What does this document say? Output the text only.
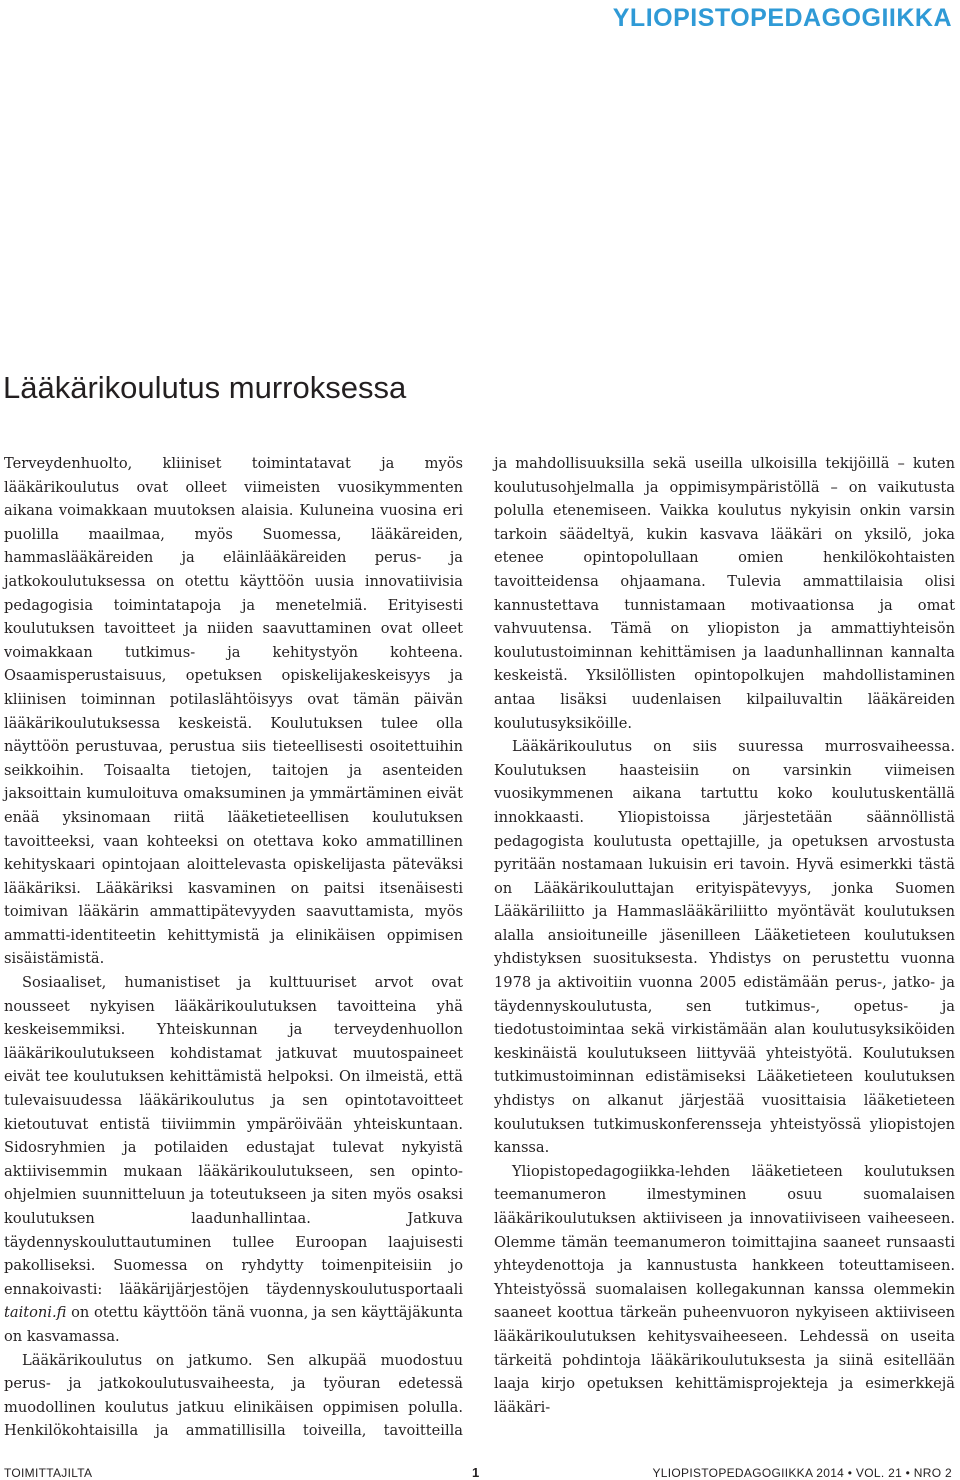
YLIOPISTOPEDAGOGIIKKA
Lääkärikoulutus murroksessa

Terveydenhuolto, kliiniset toimintatavat ja myös lääkärikoulutus ovat olleet viimeisten vuosikymmenten aikana voimakkaan muutoksen alaisia. Kuluneina vuosina eri puolilla maailmaa, myös Suomessa, lääkäreiden, hammaslääkäreiden ja eläinlääkäreiden perus- ja jatkokoulutuksessa on otettu käyttöön uusia innovatiivisia pedagogisia toimintatapoja ja menetelmiä. Erityisesti koulutuksen tavoitteet ja niiden saavuttaminen ovat olleet voimakkaan tutkimus- ja kehitystyön kohteena. Osaamisperustaisuus, opetuksen opiskelijakeskeisyys ja kliinisen toiminnan potilaslähtöisyys ovat tämän päivän lääkärikoulutuksessa keskeistä. Koulutuksen tulee olla näyttöön perustuvaa, perustua siis tieteellisesti osoitettuihin seikkoihin. Toisaalta tietojen, taitojen ja asenteiden jaksoittain kumuloituva omaksuminen ja ymmärtäminen eivät enää yksinomaan riitä lääketieteellisen koulutuksen tavoitteeksi, vaan kohteeksi on otettava koko ammatillinen kehityskaari opintojaan aloittelevasta opiskelijasta päteväksi lääkäriksi. Lääkäriksi kasvaminen on paitsi itsenäisesti toimivan lääkärin ammattipätevyyden saavuttamista, myös ammatti-identiteetin kehittymistä ja elinikäisen oppimisen sisäistämistä.

Sosiaaliset, humanistiset ja kulttuuriset arvot ovat nousseet nykyisen lääkärikoulutuksen tavoitteina yhä keskeisemmiksi. Yhteiskunnan ja terveydenhuollon lääkärikoulutukseen kohdistamat jatkuvat muutospaineet eivät tee koulutuksen kehittämistä helpoksi. On ilmeistä, että tulevaisuudessa lääkärikoulutus ja sen opintotavoitteet kietoutuvat entistä tiiviimmin ympäröivään yhteiskuntaan. Sidosryhmien ja potilaiden edustajat tulevat nykyistä aktiivisemmin mukaan lääkärikoulutukseen, sen opinto-ohjelmien suunnitteluun ja toteutukseen ja siten myös osaksi koulutuksen laadunhallintaa. Jatkuva täydennyskouluttautuminen tullee Euroopan laajuisesti pakolliseksi. Suomessa on ryhdytty toimenpiteisiin jo ennakoivasti: lääkärijärjestöjen täydennyskoulutusportaali taitoni.fi on otettu käyttöön tänä vuonna, ja sen käyttäjäkunta on kasvamassa.

Lääkärikoulutus on jatkumo. Sen alkupää muodostuu perus- ja jatkokoulutusvaiheesta, ja työuran edetessä muodollinen koulutus jatkuu elinikäisen oppimisen polulla. Henkilökohtaisilla ja ammatillisilla toiveilla, tavoitteilla

ja mahdollisuuksilla sekä useilla ulkoisilla tekijöillä – kuten koulutusohjelmalla ja oppimisympäristöllä – on vaikutusta polulla etenemiseen. Vaikka koulutus nykyisin onkin varsin tarkoin säädeltyä, kukin kasvava lääkäri on yksilö, joka etenee opintopolullaan omien henkilökohtaisten tavoitteidensa ohjaamana. Tulevia ammattilaisia olisi kannustettava tunnistamaan motivaationsa ja omat vahvuutensa. Tämä on yliopiston ja ammattiyhteisön koulutustoiminnan kehittämisen ja laadunhallinnan kannalta keskeistä. Yksilöllisten opintopolkujen mahdollistaminen antaa lisäksi uudenlaisen kilpailuvaltin lääkäreiden koulutusyksiköille.

Lääkärikoulutus on siis suuressa murrosvaiheessa. Koulutuksen haasteisiin on varsinkin viimeisen vuosikymmenen aikana tartuttu koko koulutuskentällä innokkaasti. Yliopistoissa järjestetään säännöllistä pedagogista koulutusta opettajille, ja opetuksen arvostusta pyritään nostamaan lukuisin eri tavoin. Hyvä esimerkki tästä on Lääkärikouluttajan erityispätevyys, jonka Suomen Lääkäriliitto ja Hammaslääkäriliitto myöntävät koulutuksen alalla ansioituneille jäsenilleen Lääketieteen koulutuksen yhdistyksen suosituksesta. Yhdistys on perustettu vuonna 1978 ja aktivoitiin vuonna 2005 edistämään perus-, jatko- ja täydennyskoulutusta, sen tutkimus-, opetus- ja tiedotustoimintaa sekä virkistämään alan koulutusyksiköiden keskinäistä koulutukseen liittyvää yhteistyötä. Koulutuksen tutkimustoiminnan edistämiseksi Lääketieteen koulutuksen yhdistys on alkanut järjestää vuosittaisia lääketieteen koulutuksen tutkimuskonferensseja yhteistyössä yliopistojen kanssa.

Yliopistopedagogiikka-lehden lääketieteen koulutuksen teemanumeron ilmestyminen osuu suomalaisen lääkärikoulutuksen aktiiviseen ja innovatiiviseen vaiheeseen. Olemme tämän teemanumeron toimittajina saaneet runsaasti yhteydenottoja ja kannustusta hankkeen toteuttamiseen. Yhteistyössä suomalaisen kollegakunnan kanssa olemmekin saaneet koottua tärkeän puheenvuoron nykyiseen aktiiviseen lääkärikoulutuksen kehitysvaiheeseen. Lehdessä on useita tärkeitä pohdintoja lääkärikoulutuksesta ja siinä esitellään laaja kirjo opetuksen kehittämisprojekteja ja esimerkkejä lääkäri-

TOIMITTAJILTA	1	YLIOPISTOPEDAGOGIIKKA 2014 • VOL. 21 • NRO 2
